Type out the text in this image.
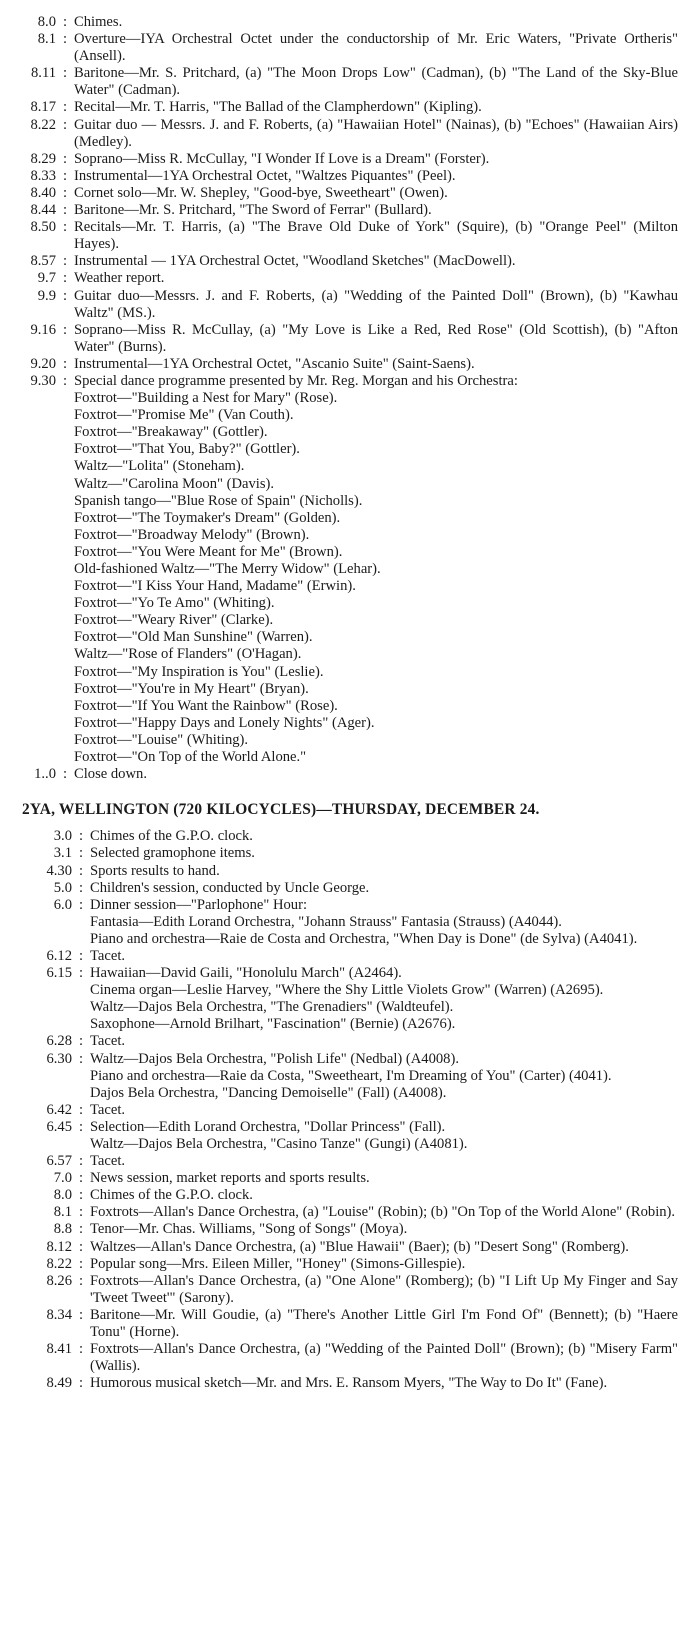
8.0 : Chimes.
8.1 : Overture—IYA Orchestral Octet under the conductorship of Mr. Eric Waters, "Private Ortheris" (Ansell).
8.11 : Baritone—Mr. S. Pritchard, (a) "The Moon Drops Low" (Cadman), (b) "The Land of the Sky-Blue Water" (Cadman).
8.17 : Recital—Mr. T. Harris, "The Ballad of the Clampherdown" (Kipling).
8.22 : Guitar duo — Messrs. J. and F. Roberts, (a) "Hawaiian Hotel" (Nainas), (b) "Echoes" (Hawaiian Airs) (Medley).
8.29 : Soprano—Miss R. McCullay, "I Wonder If Love is a Dream" (Forster).
8.33 : Instrumental—1YA Orchestral Octet, "Waltzes Piquantes" (Peel).
8.40 : Cornet solo—Mr. W. Shepley, "Good-bye, Sweetheart" (Owen).
8.44 : Baritone—Mr. S. Pritchard, "The Sword of Ferrar" (Bullard).
8.50 : Recitals—Mr. T. Harris, (a) "The Brave Old Duke of York" (Squire), (b) "Orange Peel" (Milton Hayes).
8.57 : Instrumental — 1YA Orchestral Octet, "Woodland Sketches" (MacDowell).
9.7 : Weather report.
9.9 : Guitar duo—Messrs. J. and F. Roberts, (a) "Wedding of the Painted Doll" (Brown), (b) "Kawhau Waltz" (MS.).
9.16 : Soprano—Miss R. McCullay, (a) "My Love is Like a Red, Red Rose" (Old Scottish), (b) "Afton Water" (Burns).
9.20 : Instrumental—1YA Orchestral Octet, "Ascanio Suite" (Saint-Saens).
9.30 : Special dance programme presented by Mr. Reg. Morgan and his Orchestra:
Foxtrot—"Building a Nest for Mary" (Rose).
Foxtrot—"Promise Me" (Van Couth).
Foxtrot—"Breakaway" (Gottler).
Foxtrot—"That You, Baby?" (Gottler).
Waltz—"Lolita" (Stoneham).
Waltz—"Carolina Moon" (Davis).
Spanish tango—"Blue Rose of Spain" (Nicholls).
Foxtrot—"The Toymaker's Dream" (Golden).
Foxtrot—"Broadway Melody" (Brown).
Foxtrot—"You Were Meant for Me" (Brown).
Old-fashioned Waltz—"The Merry Widow" (Lehar).
Foxtrot—"I Kiss Your Hand, Madame" (Erwin).
Foxtrot—"Yo Te Amo" (Whiting).
Foxtrot—"Weary River" (Clarke).
Foxtrot—"Old Man Sunshine" (Warren).
Waltz—"Rose of Flanders" (O'Hagan).
Foxtrot—"My Inspiration is You" (Leslie).
Foxtrot—"You're in My Heart" (Bryan).
Foxtrot—"If You Want the Rainbow" (Rose).
Foxtrot—"Happy Days and Lonely Nights" (Ager).
Foxtrot—"Louise" (Whiting).
Foxtrot—"On Top of the World Alone."
1..0 : Close down.
2YA, WELLINGTON (720 KILOCYCLES)—THURSDAY, DECEMBER 24.
3.0 : Chimes of the G.P.O. clock.
3.1 : Selected gramophone items.
4.30 : Sports results to hand.
5.0 : Children's session, conducted by Uncle George.
6.0 : Dinner session—"Parlophone" Hour:
Fantasia—Edith Lorand Orchestra, "Johann Strauss" Fantasia (Strauss) (A4044).
Piano and orchestra—Raie de Costa and Orchestra, "When Day is Done" (de Sylva) (A4041).
6.12 : Tacet.
6.15 : Hawaiian—David Gaili, "Honolulu March" (A2464).
Cinema organ—Leslie Harvey, "Where the Shy Little Violets Grow" (Warren) (A2695).
Waltz—Dajos Bela Orchestra, "The Grenadiers" (Waldteufel).
Saxophone—Arnold Brilhart, "Fascination" (Bernie) (A2676).
6.28 : Tacet.
6.30 : Waltz—Dajos Bela Orchestra, "Polish Life" (Nedbal) (A4008).
Piano and orchestra—Raie da Costa, "Sweetheart, I'm Dreaming of You" (Carter) (4041).
Dajos Bela Orchestra, "Dancing Demoiselle" (Fall) (A4008).
6.42 : Tacet.
6.45 : Selection—Edith Lorand Orchestra, "Dollar Princess" (Fall).
Waltz—Dajos Bela Orchestra, "Casino Tanze" (Gungi) (A4081).
6.57 : Tacet.
7.0 : News session, market reports and sports results.
8.0 : Chimes of the G.P.O. clock.
8.1 : Foxtrots—Allan's Dance Orchestra, (a) "Louise" (Robin); (b) "On Top of the World Alone" (Robin).
8.8 : Tenor—Mr. Chas. Williams, "Song of Songs" (Moya).
8.12 : Waltzes—Allan's Dance Orchestra, (a) "Blue Hawaii" (Baer); (b) "Desert Song" (Romberg).
8.22 : Popular song—Mrs. Eileen Miller, "Honey" (Simons-Gillespie).
8.26 : Foxtrots—Allan's Dance Orchestra, (a) "One Alone" (Romberg); (b) "I Lift Up My Finger and Say 'Tweet Tweet'" (Sarony).
8.34 : Baritone—Mr. Will Goudie, (a) "There's Another Little Girl I'm Fond Of" (Bennett); (b) "Haere Tonu" (Horne).
8.41 : Foxtrots—Allan's Dance Orchestra, (a) "Wedding of the Painted Doll" (Brown); (b) "Misery Farm" (Wallis).
8.49 : Humorous musical sketch—Mr. and Mrs. E. Ransom Myers, "The Way to Do It" (Fane).
